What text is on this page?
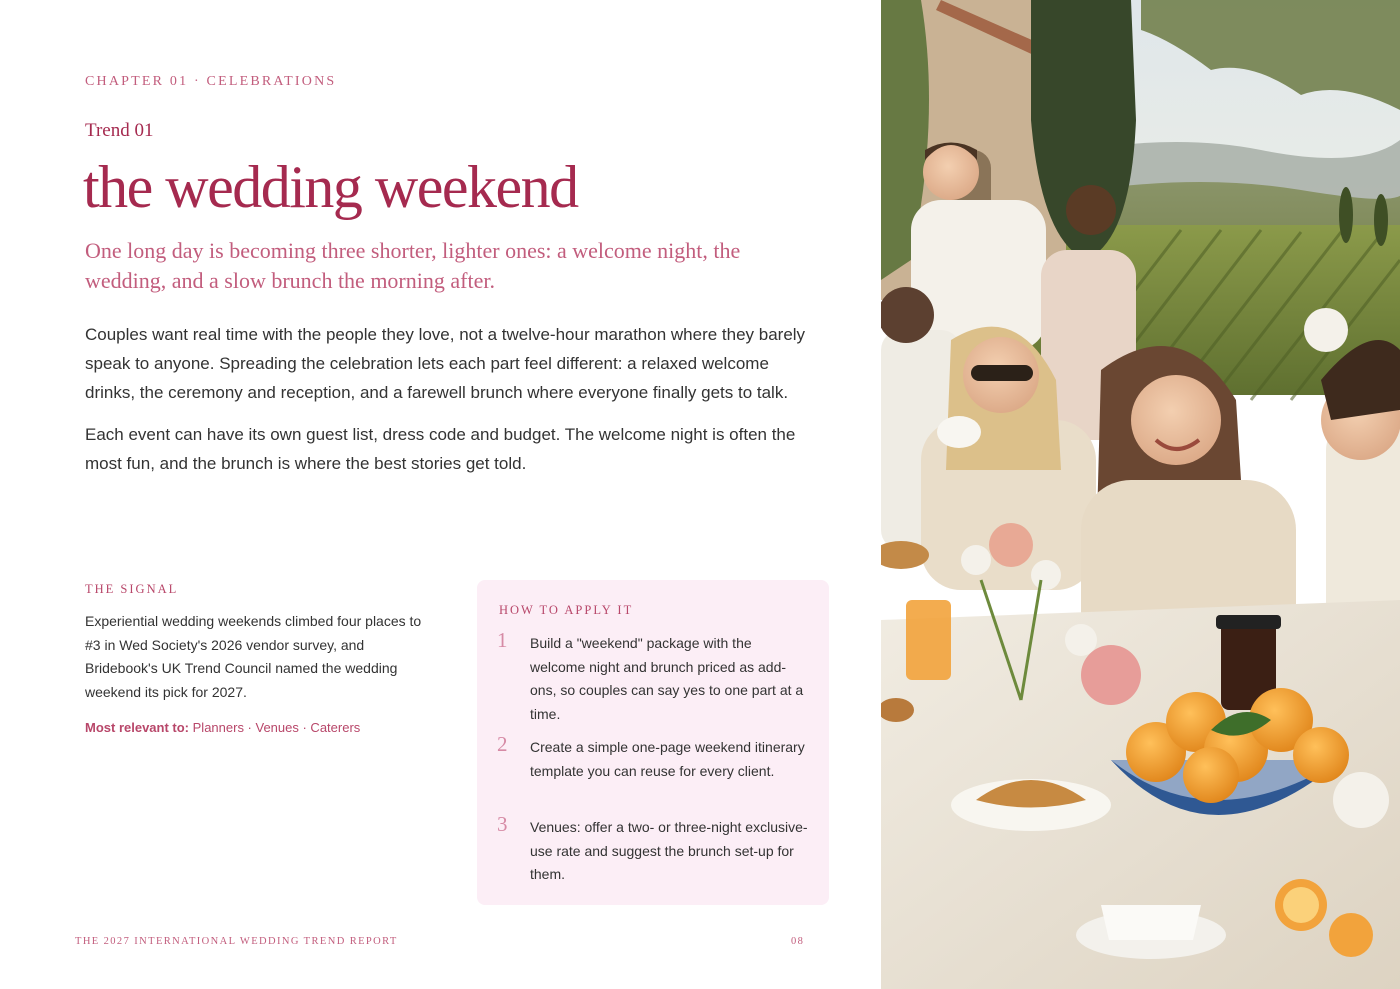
CHAPTER 01 · CELEBRATIONS
Trend 01
the wedding weekend
One long day is becoming three shorter, lighter ones: a welcome night, the wedding, and a slow brunch the morning after.
Couples want real time with the people they love, not a twelve-hour marathon where they barely speak to anyone. Spreading the celebration lets each part feel different: a relaxed welcome drinks, the ceremony and reception, and a farewell brunch where everyone finally gets to talk.
Each event can have its own guest list, dress code and budget. The welcome night is often the most fun, and the brunch is where the best stories get told.
THE SIGNAL
Experiential wedding weekends climbed four places to #3 in Wed Society's 2026 vendor survey, and Bridebook's UK Trend Council named the wedding weekend its pick for 2027.
Most relevant to: Planners · Venues · Caterers
HOW TO APPLY IT
1 Build a "weekend" package with the welcome night and brunch priced as add-ons, so couples can say yes to one part at a time.
2 Create a simple one-page weekend itinerary template you can reuse for every client.
3 Venues: offer a two- or three-night exclusive-use rate and suggest the brunch set-up for them.
THE 2027 INTERNATIONAL WEDDING TREND REPORT	08
